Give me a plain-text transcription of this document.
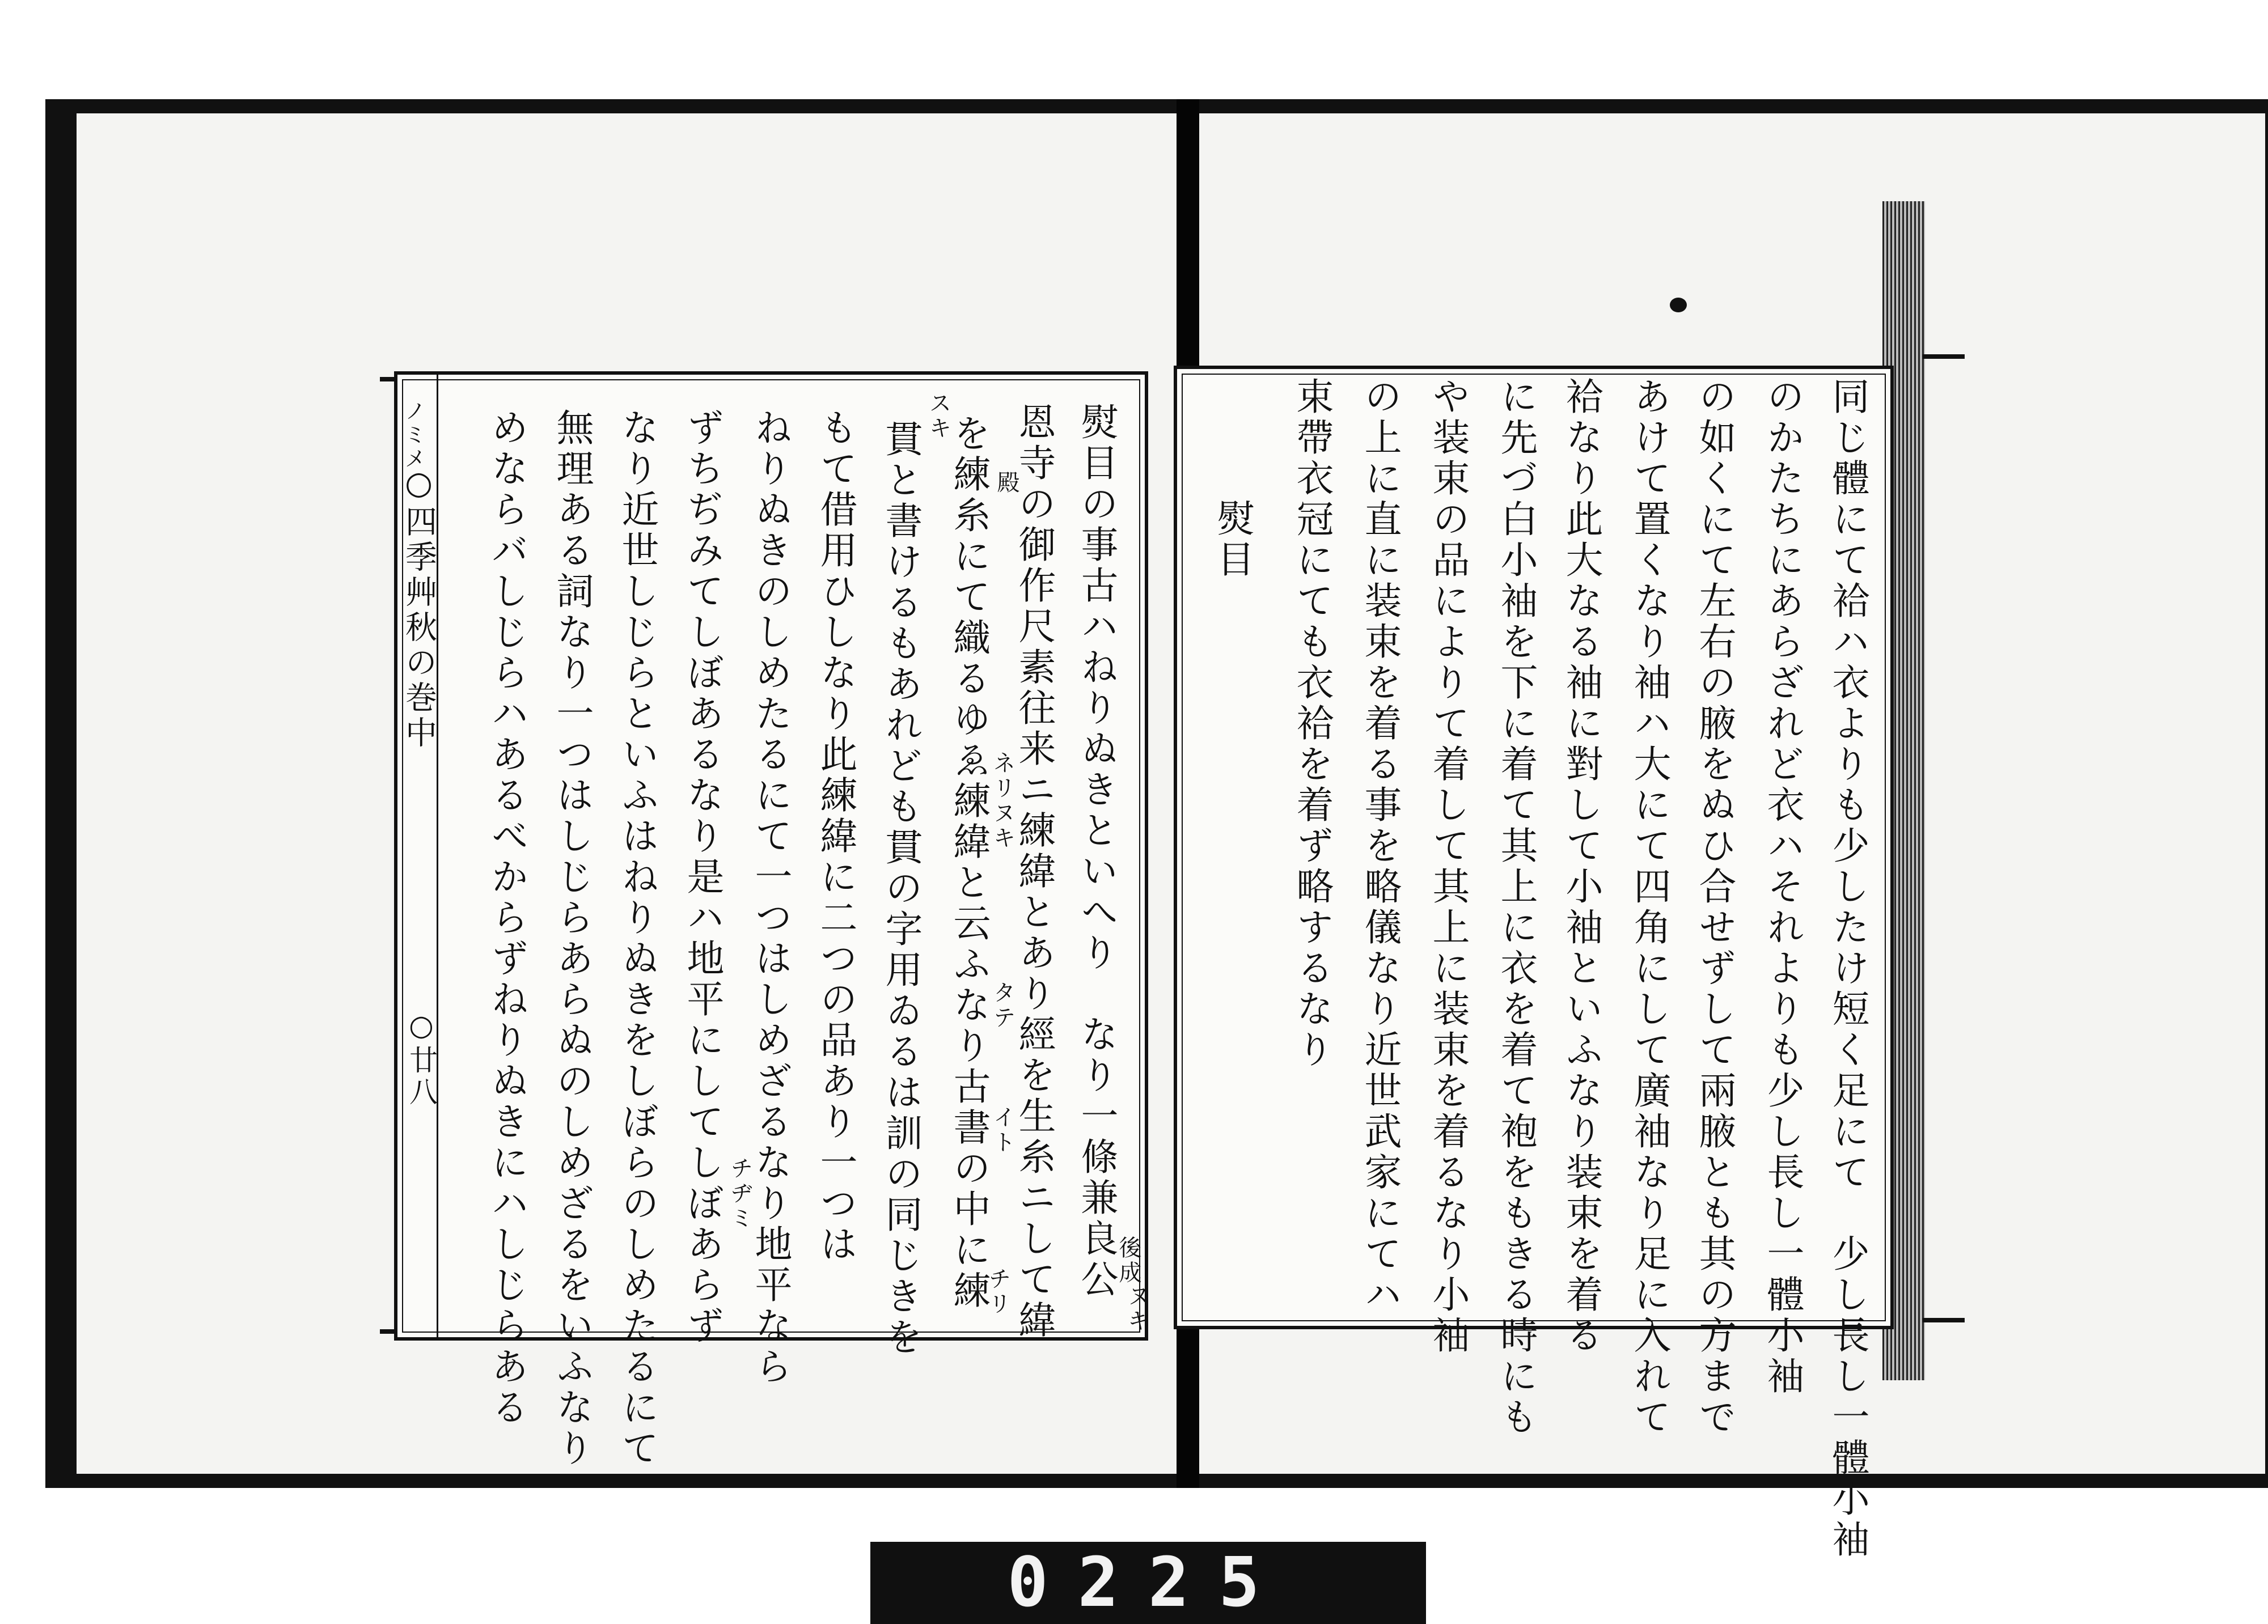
ノミメ
○四季艸秋の巻中
○廿八	熨目の事古ハねりぬきといへり　なり一條兼良公
恩寺の御作尺素往来ニ練緯とあり經を生糸ニして緯
を練糸にて織るゆゑ練緯と云ふなり古書の中に練
貫と書けるもあれども貫の字用ゐるは訓の同じきを
もて借用ひしなり此練緯に二つの品あり一つは
ねりぬきのしめたるにて一つはしめざるなり地平なら
ずちぢみてしぼあるなり是ハ地平にしてしぼあらず
なり近世しじらといふはねりぬきをしぼらのしめたるにて
無理ある詞なり一つはしじらあらぬのしめざるをいふなり
めならバしじらハあるべからずねりぬきにハしじらある	後成
殿
ネリヌキ
タテ
イト
ヌキ
スキ
チリ
チヂミ
熨目	同じ體にて袷ハ衣よりも少したけ短く足にて　少し長し一體小袖
のかたちにあらざれど衣ハそれよりも少し長し一體小袖
の如くにて左右の腋をぬひ合せずして兩腋とも其の方まで
あけて置くなり袖ハ大にて四角にして廣袖なり足に入れて
袷なり此大なる袖に對して小袖といふなり装束を着る
に先づ白小袖を下に着て其上に衣を着て袍をもきる時にも
や装束の品によりて着して其上に装束を着るなり小袖
の上に直に装束を着る事を略儀なり近世武家にてハ
束帶衣冠にても衣袷を着ず略するなり
0225
